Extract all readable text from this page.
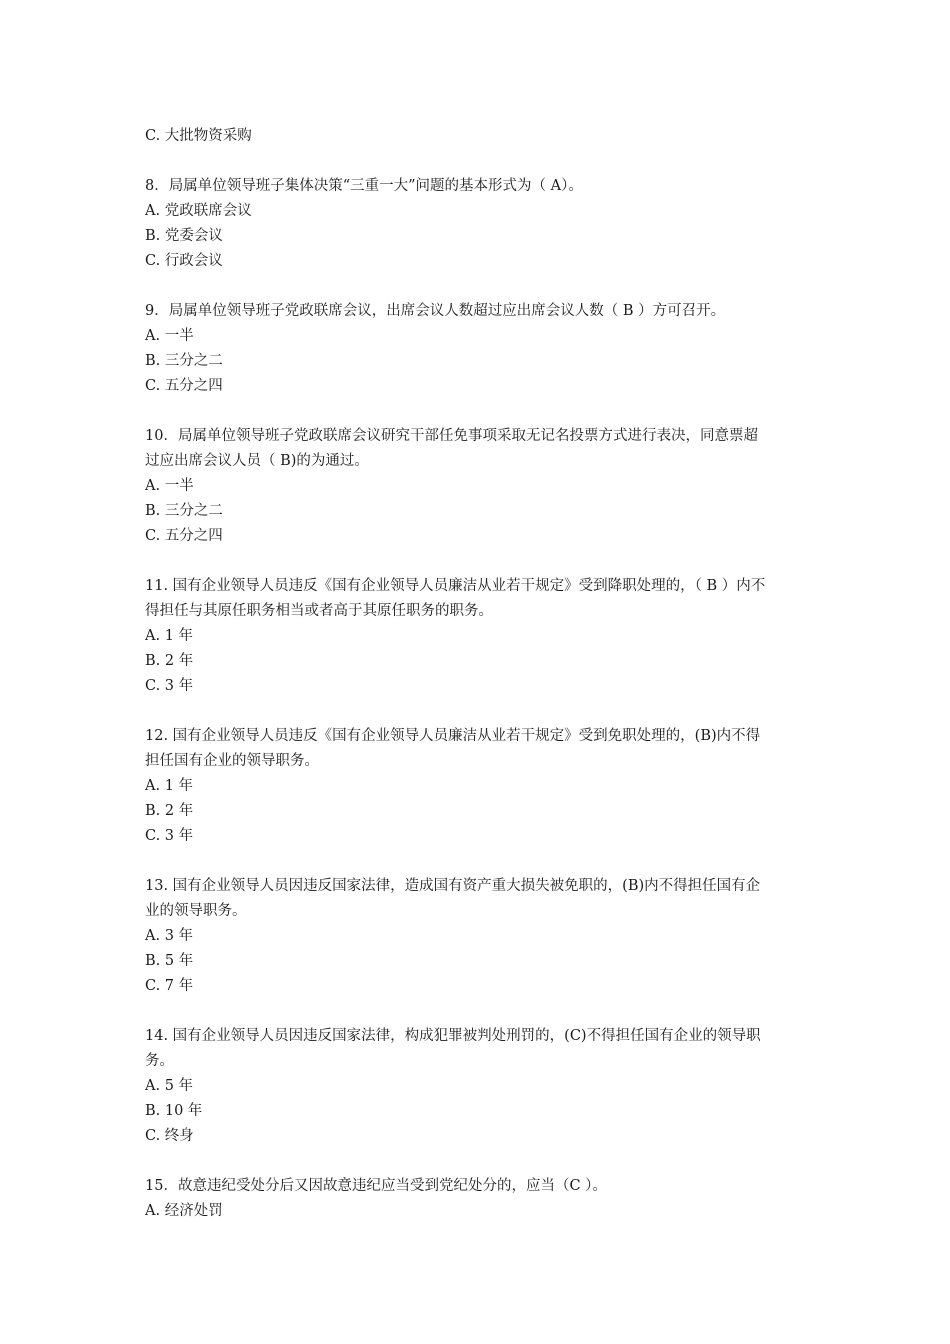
C. 大批物资采购
8．局属单位领导班子集体决策“三重一大”问题的基本形式为（ A）。
A. 党政联席会议
B. 党委会议
C. 行政会议
9．局属单位领导班子党政联席会议，出席会议人数超过应出席会议人数（ B ）方可召开。
A. 一半
B. 三分之二
C. 五分之四
10．局属单位领导班子党政联席会议研究干部任免事项采取无记名投票方式进行表决，同意票超
过应出席会议人员（ B)的为通过。
A. 一半
B. 三分之二
C. 五分之四
11. 国有企业领导人员违反《国有企业领导人员廉洁从业若干规定》受到降职处理的，（ B ）内不
得担任与其原任职务相当或者高于其原任职务的职务。
A. 1 年
B. 2 年
C. 3 年
12. 国有企业领导人员违反《国有企业领导人员廉洁从业若干规定》受到免职处理的，(B)内不得
担任国有企业的领导职务。
A. 1 年
B. 2 年
C. 3 年
13. 国有企业领导人员因违反国家法律，造成国有资产重大损失被免职的，(B)内不得担任国有企
业的领导职务。
A. 3 年
B. 5 年
C. 7 年
14. 国有企业领导人员因违反国家法律，构成犯罪被判处刑罚的，(C)不得担任国有企业的领导职
务。
A. 5 年
B. 10 年
C. 终身
15．故意违纪受处分后又因故意违纪应当受到党纪处分的，应当（C ）。
A. 经济处罚
